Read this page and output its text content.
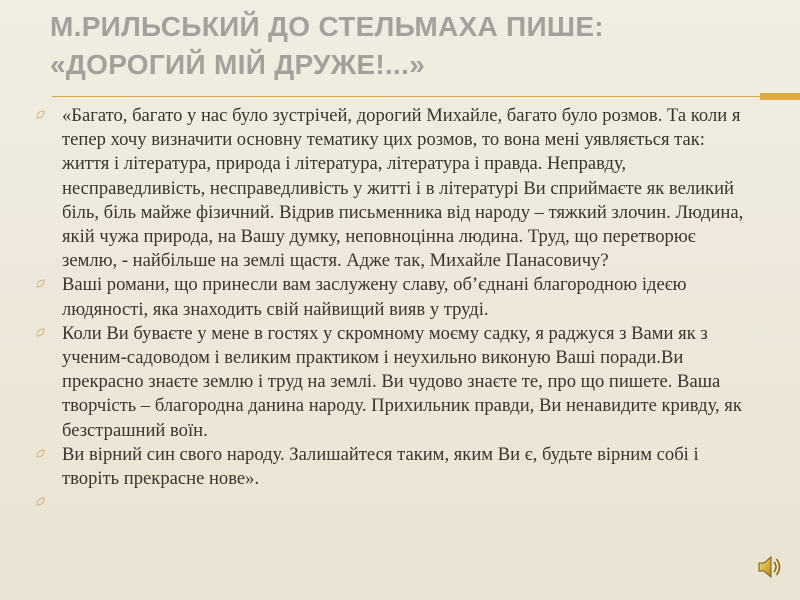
М.РИЛЬСЬКИЙ ДО СТЕЛЬМАХА ПИШЕ:
«ДОРОГИЙ МІЙ ДРУЖЕ!...»
«Багато, багато у нас було зустрічей, дорогий Михайле, багато було розмов. Та коли я тепер хочу визначити основну тематику цих розмов, то вона мені уявляється так: життя і література, природа і література, література і правда. Неправду, несправедливість, несправедливість у житті і в літературі Ви сприймаєте як великий біль, біль майже фізичний. Відрив письменника від народу – тяжкий злочин. Людина, якій чужа природа, на Вашу думку, неповноцінна людина. Труд, що перетворює землю, - найбільше на землі щастя. Адже так, Михайле Панасовичу?
Ваші романи, що принесли вам заслужену славу, об’єднані благородною ідеєю людяності, яка знаходить свій найвищий вияв у труді.
Коли Ви буваєте у мене в гостях у скромному моєму садку, я раджуся з Вами як з ученим-садоводом і великим практиком і неухильно виконую Ваші поради.Ви прекрасно знаєте землю і труд на землі. Ви чудово знаєте те, про що пишете. Ваша творчість – благородна данина народу. Прихильник правди, Ви ненавидите кривду, як безстрашний воїн.
Ви вірний син свого народу. Залишайтеся таким, яким Ви є, будьте вірним собі і творіть прекрасне нове».
